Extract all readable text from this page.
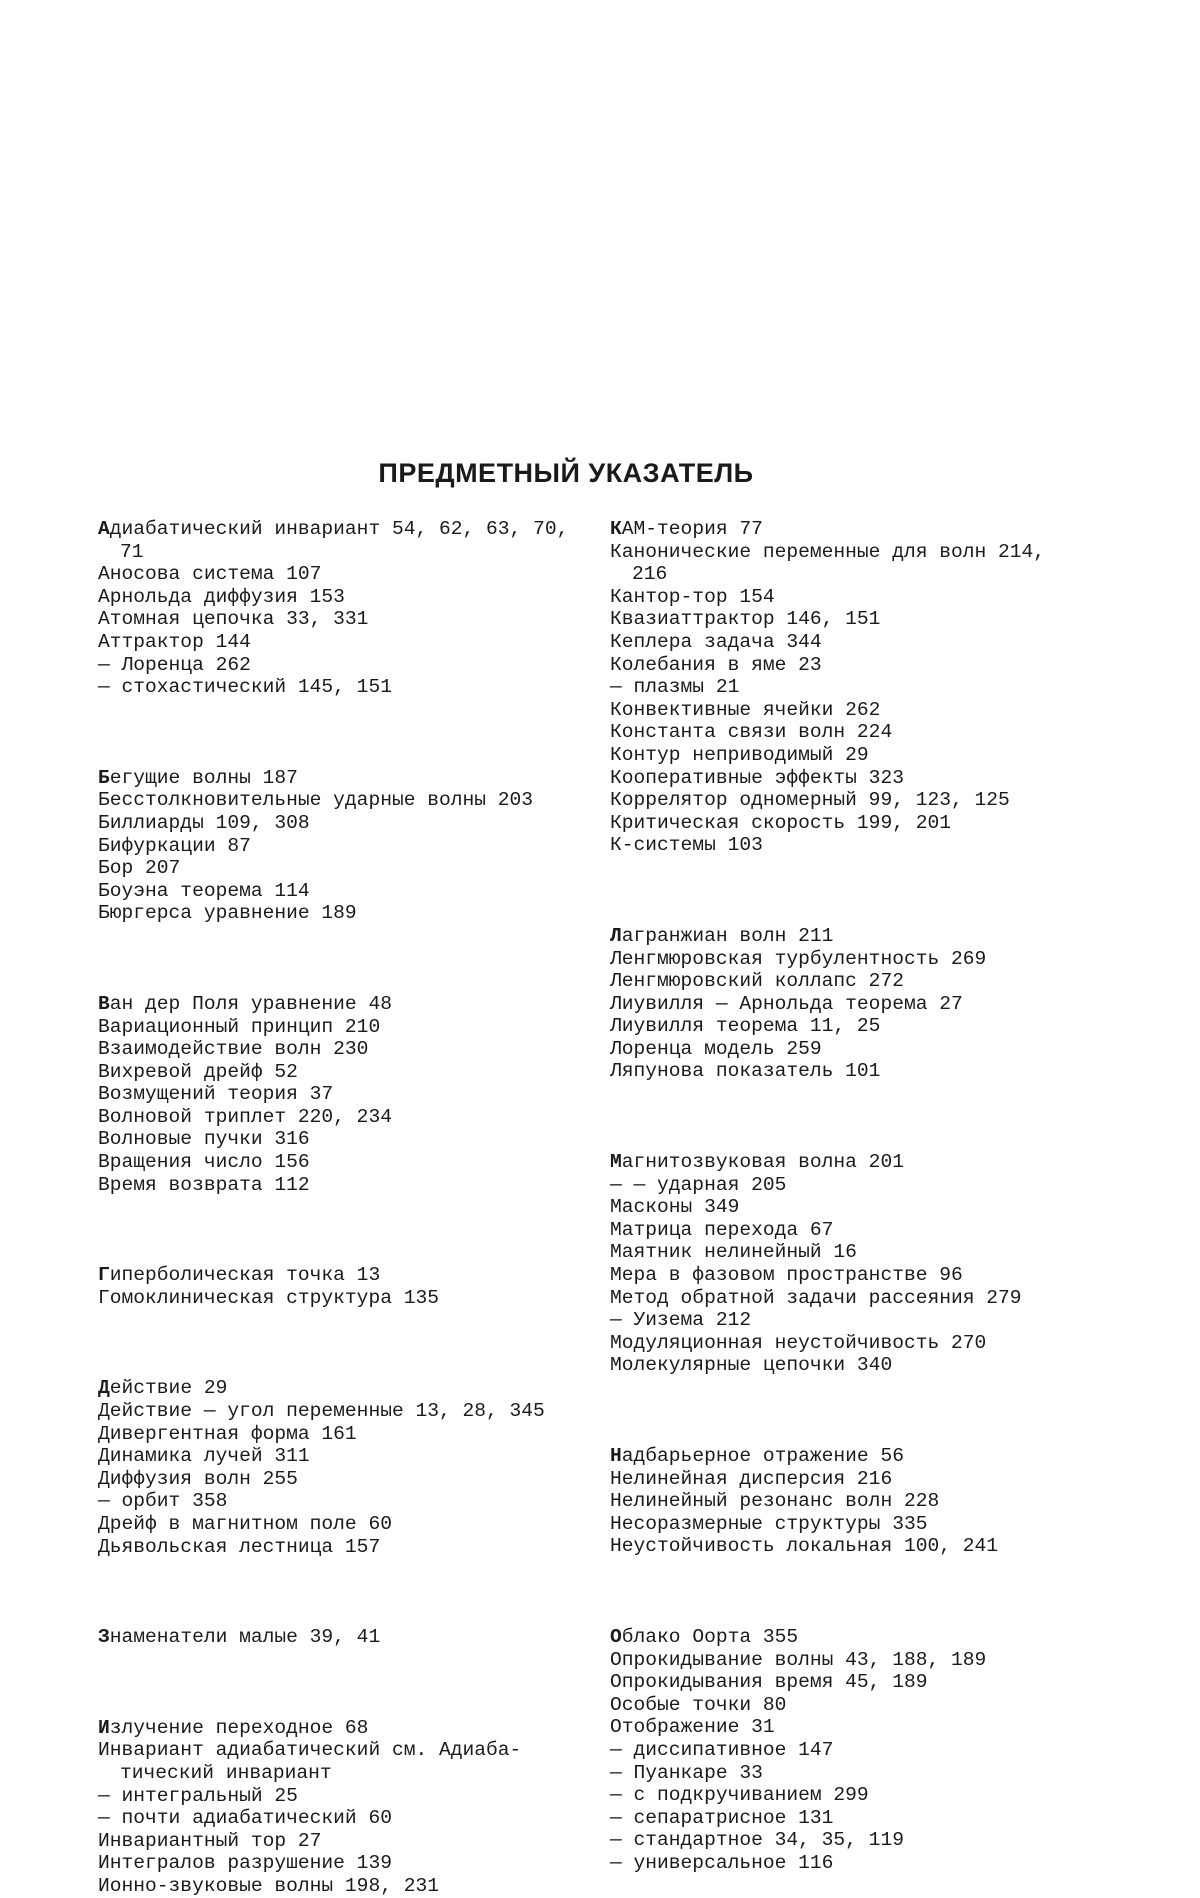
ПРЕДМЕТНЫЙ УКАЗАТЕЛЬ
Адиабатический инвариант 54, 62, 63, 70,
71
Аносова система 107
Арнольда диффузия 153
Атомная цепочка 33, 331
Аттрактор 144
— Лоренца 262
— стохастический 145, 151
Бегущие волны 187
Бесстолкновительные ударные волны 203
Биллиарды 109, 308
Бифуркации 87
Бор 207
Боуэна теорема 114
Бюргерса уравнение 189
Ван дер Поля уравнение 48
Вариационный принцип 210
Взаимодействие волн 230
Вихревой дрейф 52
Возмущений теория 37
Волновой триплет 220, 234
Волновые пучки 316
Вращения число 156
Время возврата 112
Гиперболическая точка 13
Гомоклиническая структура 135
Действие 29
Действие — угол переменные 13, 28, 345
Дивергентная форма 161
Динамика лучей 311
Диффузия волн 255
— орбит 358
Дрейф в магнитном поле 60
Дьявольская лестница 157
Знаменатели малые 39, 41
Излучение переходное 68
Инвариант адиабатический см. Адиаба-
тический инвариант
— интегральный 25
— почти адиабатический 60
Инвариантный тор 27
Интегралов разрушение 139
Ионно-звуковые волны 198, 231
КАМ-теория 77
Канонические переменные для волн 214,
216
Кантор-тор 154
Квазиаттрактор 146, 151
Кеплера задача 344
Колебания в яме 23
— плазмы 21
Конвективные ячейки 262
Константа связи волн 224
Контур неприводимый 29
Кооперативные эффекты 323
Коррелятор одномерный 99, 123, 125
Критическая скорость 199, 201
К-системы 103
Лагранжиан волн 211
Ленгмюровская турбулентность 269
Ленгмюровский коллапс 272
Лиувилля — Арнольда теорема 27
Лиувилля теорема 11, 25
Лоренца модель 259
Ляпунова показатель 101
Магнитозвуковая волна 201
— — ударная 205
Масконы 349
Матрица перехода 67
Маятник нелинейный 16
Мера в фазовом пространстве 96
Метод обратной задачи рассеяния 279
— Уизема 212
Модуляционная неустойчивость 270
Молекулярные цепочки 340
Надбарьерное отражение 56
Нелинейная дисперсия 216
Нелинейный резонанс волн 228
Несоразмерные структуры 335
Неустойчивость локальная 100, 241
Облако Оорта 355
Опрокидывание волны 43, 188, 189
Опрокидывания время 45, 189
Особые точки 80
Отображение 31
— диссипативное 147
— Пуанкаре 33
— с подкручиванием 299
— сепаратрисное 131
— стандартное 34, 35, 119
— универсальное 116
